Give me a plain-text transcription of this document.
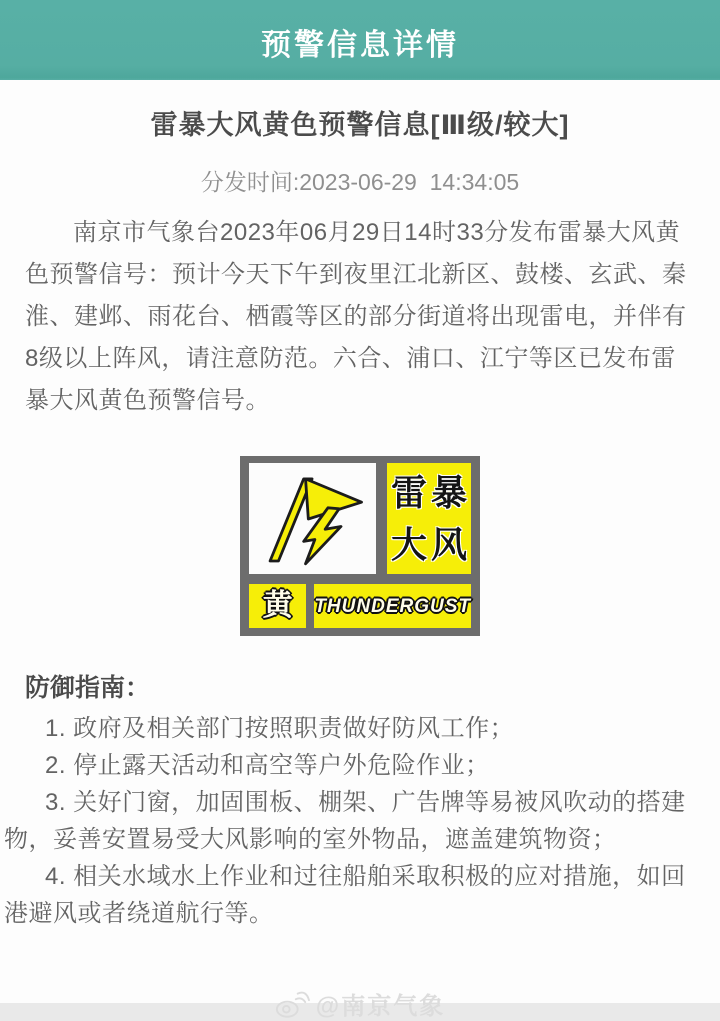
预警信息详情
雷暴大风黄色预警信息[Ⅲ级/较大]
分发时间:2023-06-29  14:34:05

南京市气象台2023年06月29日14时33分发布雷暴大风黄色预警信号：预计今天下午到夜里江北新区、鼓楼、玄武、秦淮、建邺、雨花台、栖霞等区的部分街道将出现雷电，并伴有8级以上阵风，请注意防范。六合、浦口、江宁等区已发布雷暴大风黄色预警信号。

雷 暴
大 风
黄 THUNDERGUST
防御指南：

1. 政府及相关部门按照职责做好防风工作；

2. 停止露天活动和高空等户外危险作业；

3. 关好门窗，加固围板、棚架、广告牌等易被风吹动的搭建物，妥善安置易受大风影响的室外物品，遮盖建筑物资；

4. 相关水域水上作业和过往船舶采取积极的应对措施，如回港避风或者绕道航行等。

@南京气象
